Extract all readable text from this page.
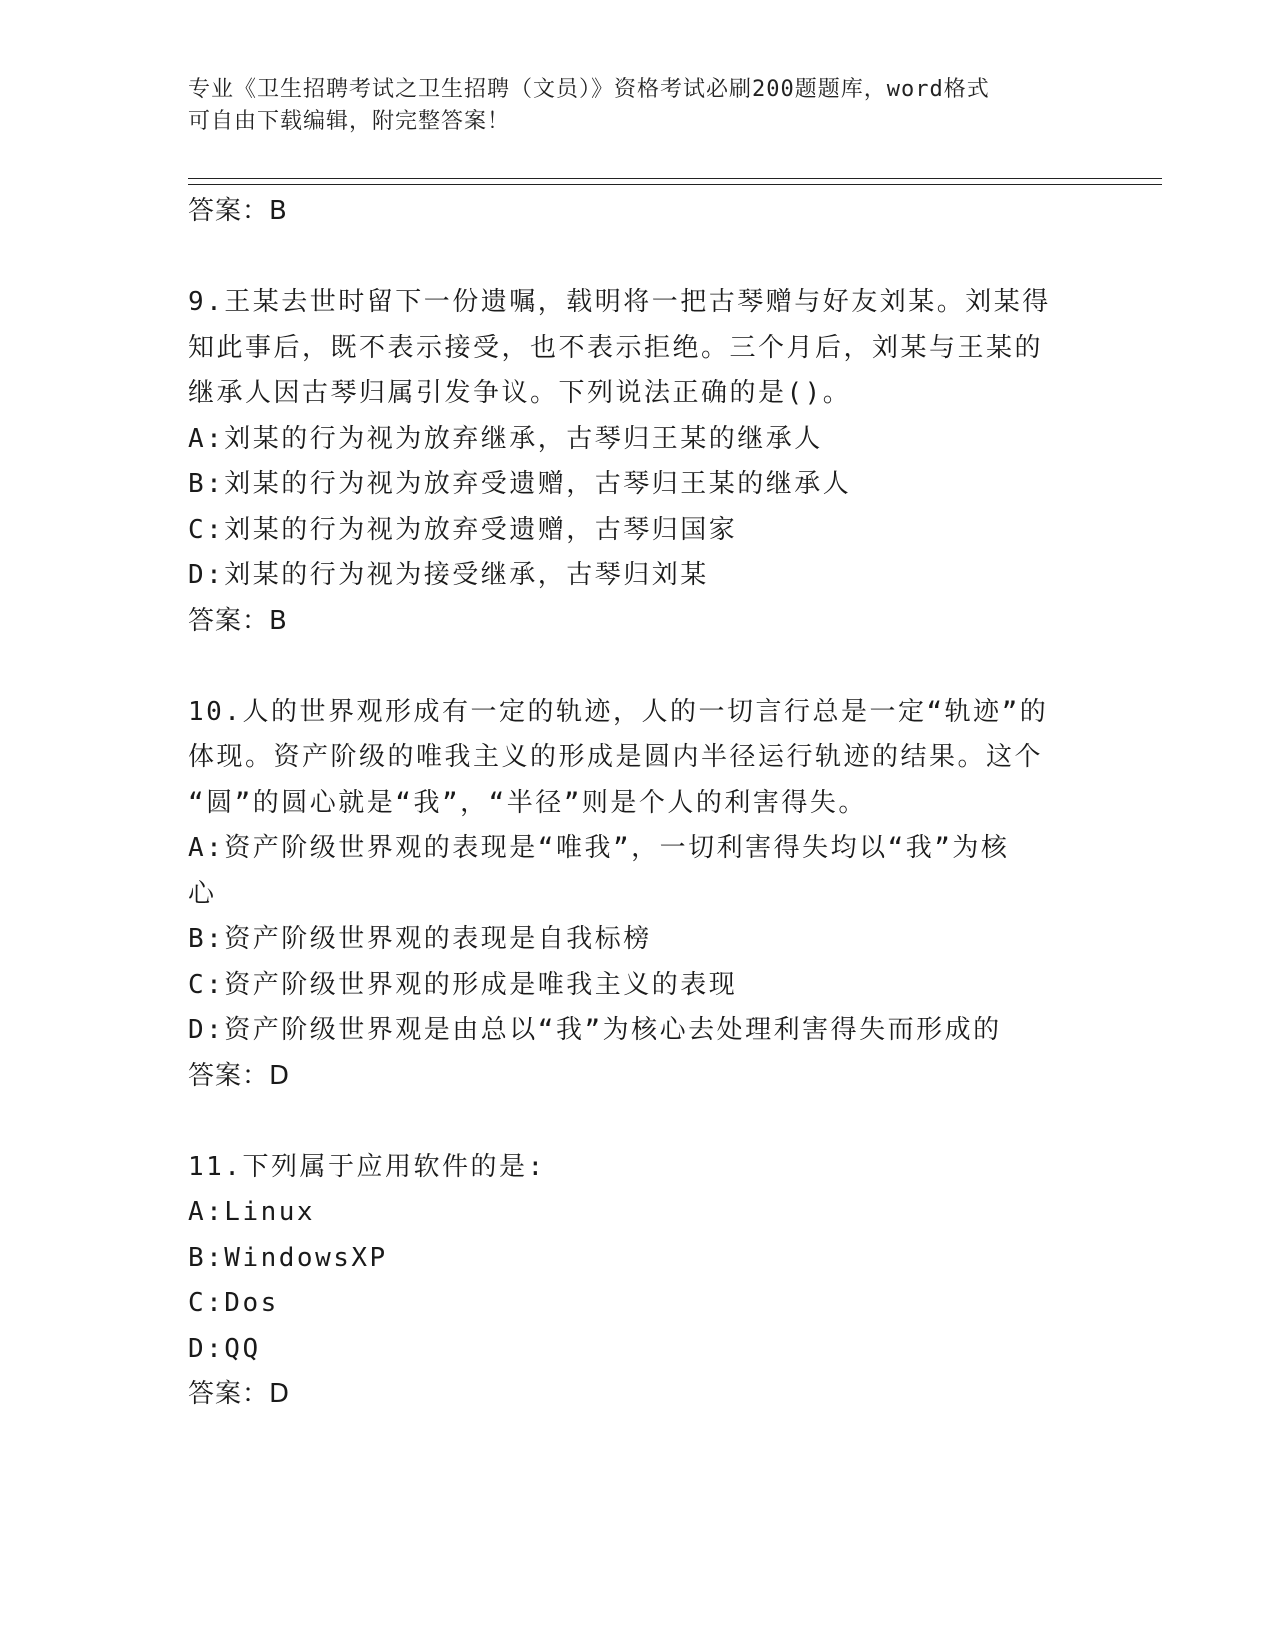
专业《卫生招聘考试之卫生招聘（文员）》资格考试必刷200题题库，word格式
可自由下载编辑，附完整答案！
答案：B
9.王某去世时留下一份遗嘱，载明将一把古琴赠与好友刘某。刘某得
知此事后，既不表示接受，也不表示拒绝。三个月后，刘某与王某的
继承人因古琴归属引发争议。下列说法正确的是()。
A:刘某的行为视为放弃继承，古琴归王某的继承人
B:刘某的行为视为放弃受遗赠，古琴归王某的继承人
C:刘某的行为视为放弃受遗赠，古琴归国家
D:刘某的行为视为接受继承，古琴归刘某
答案：B
10.人的世界观形成有一定的轨迹，人的一切言行总是一定“轨迹”的
体现。资产阶级的唯我主义的形成是圆内半径运行轨迹的结果。这个
“圆”的圆心就是“我”，“半径”则是个人的利害得失。
A:资产阶级世界观的表现是“唯我”，一切利害得失均以“我”为核
心
B:资产阶级世界观的表现是自我标榜
C:资产阶级世界观的形成是唯我主义的表现
D:资产阶级世界观是由总以“我”为核心去处理利害得失而形成的
答案：D
11.下列属于应用软件的是:
A:Linux
B:WindowsXP
C:Dos
D:QQ
答案：D
